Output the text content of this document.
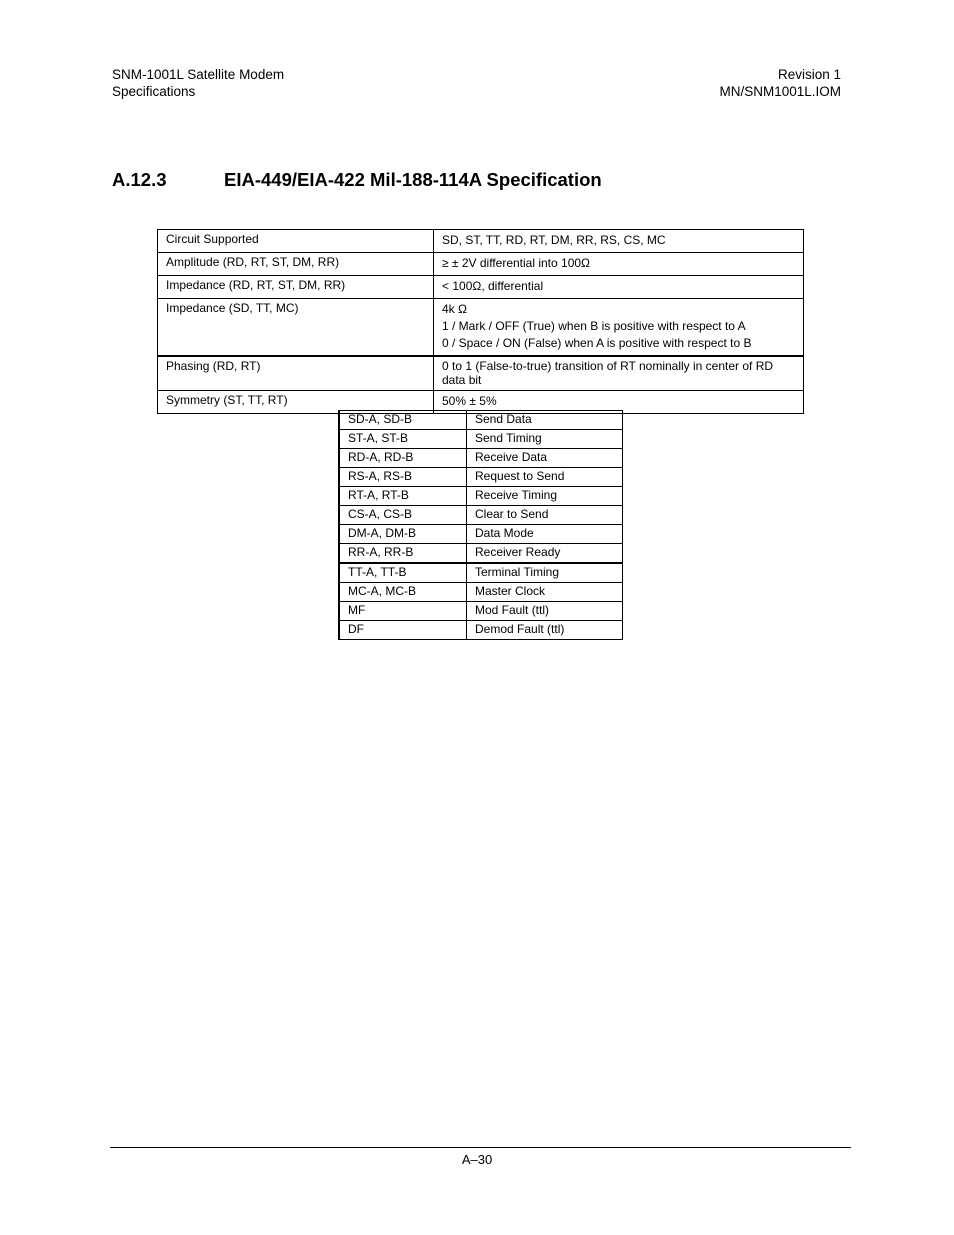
SNM-1001L Satellite Modem
Specifications
Revision 1
MN/SNM1001L.IOM
A.12.3	EIA-449/EIA-422 Mil-188-114A Specification
Circuit Supported	SD, ST, TT, RD, RT, DM, RR, RS, CS, MC

Amplitude (RD, RT, ST, DM, RR)	≥ ± 2V differential into 100Ω

Impedance (RD, RT, ST, DM, RR)	< 100Ω, differential

Impedance (SD, TT, MC)	4k Ω
1 / Mark / OFF (True) when B is positive with respect to A
0 / Space / ON (False) when A is positive with respect to B

Phasing (RD, RT)	0 to 1 (False-to-true) transition of RT nominally in center of RD data bit
Symmetry (ST, TT, RT)	50% ± 5%
SD-A, SD-B	Send Data
ST-A, ST-B	Send Timing
RD-A, RD-B	Receive Data
RS-A, RS-B	Request to Send
RT-A, RT-B	Receive Timing
CS-A, CS-B	Clear to Send
DM-A, DM-B	Data Mode
RR-A, RR-B	Receiver Ready
TT-A, TT-B	Terminal Timing
MC-A, MC-B	Master Clock
MF	Mod Fault (ttl)
DF	Demod Fault (ttl)
A–30
